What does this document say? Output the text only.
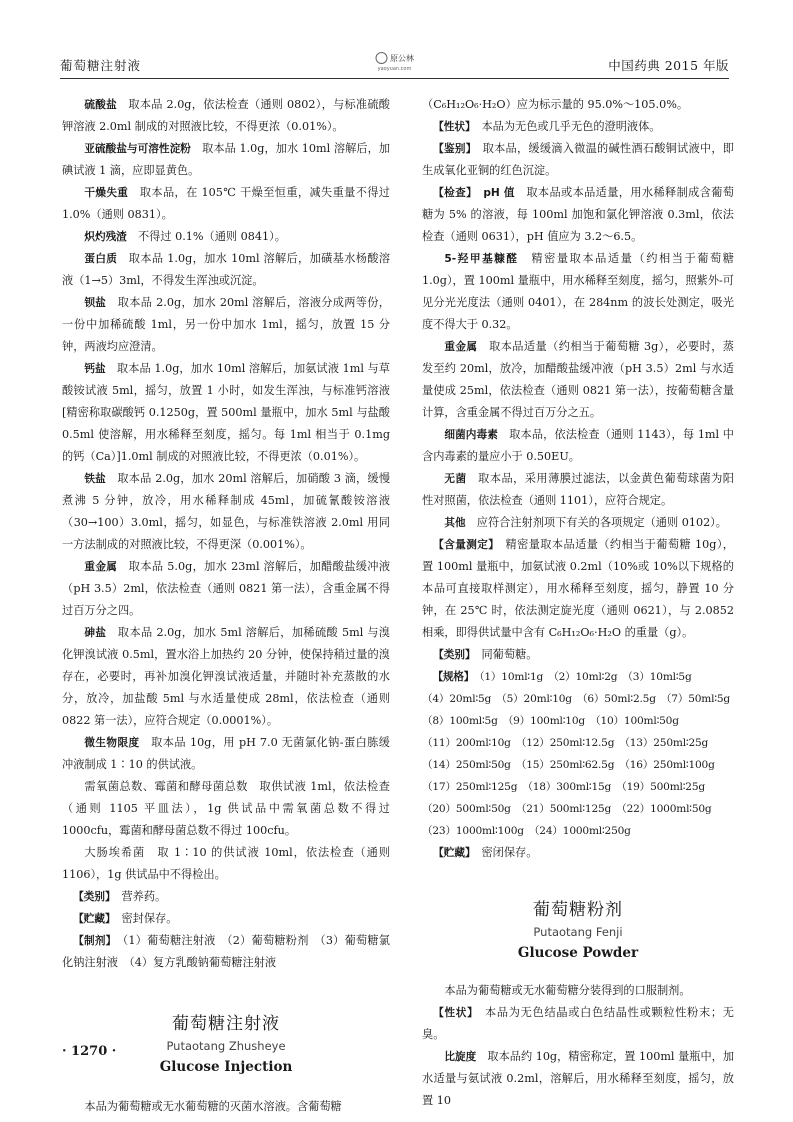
葡萄糖注射液	原公林
yaoyuan.com	中国药典 2015 年版

硫酸盐　 取本品 2.0g，依法检查（通则 0802），与标准硫酸钾溶液 2.0ml 制成的对照液比较，不得更浓（0.01%）。

亚硫酸盐与可溶性淀粉　 取本品 1.0g，加水 10ml 溶解后，加碘试液 1 滴，应即显黄色。

干燥失重　 取本品，在 105℃ 干燥至恒重，减失重量不得过 1.0%（通则 0831）。

炽灼残渣　 不得过 0.1%（通则 0841）。

蛋白质　 取本品 1.0g，加水 10ml 溶解后，加磺基水杨酸溶液（1→5）3ml，不得发生浑浊或沉淀。

钡盐　 取本品 2.0g，加水 20ml 溶解后，溶液分成两等份，一份中加稀硫酸 1ml，另一份中加水 1ml，摇匀，放置 15 分钟，两液均应澄清。

钙盐　 取本品 1.0g，加水 10ml 溶解后，加氨试液 1ml 与草酸铵试液 5ml，摇匀，放置 1 小时，如发生浑浊，与标准钙溶液[精密称取碳酸钙 0.1250g，置 500ml 量瓶中，加水 5ml 与盐酸 0.5ml 使溶解，用水稀释至刻度，摇匀。每 1ml 相当于 0.1mg 的钙（Ca）]1.0ml 制成的对照液比较，不得更浓（0.01%）。

铁盐　 取本品 2.0g，加水 20ml 溶解后，加硝酸 3 滴，缓慢煮沸 5 分钟，放冷，用水稀释制成 45ml，加硫氰酸铵溶液（30→100）3.0ml，摇匀，如显色，与标准铁溶液 2.0ml 用同一方法制成的对照液比较，不得更深（0.001%）。

重金属　 取本品 5.0g，加水 23ml 溶解后，加醋酸盐缓冲液（pH 3.5）2ml，依法检查（通则 0821 第一法），含重金属不得过百万分之四。

砷盐　 取本品 2.0g，加水 5ml 溶解后，加稀硫酸 5ml 与溴化钾溴试液 0.5ml，置水浴上加热约 20 分钟，使保持稍过量的溴存在，必要时，再补加溴化钾溴试液适量，并随时补充蒸散的水分，放冷，加盐酸 5ml 与水适量使成 28ml，依法检查（通则 0822 第一法），应符合规定（0.0001%）。

微生物限度　 取本品 10g，用 pH 7.0 无菌氯化钠-蛋白胨缓冲液制成 1∶10 的供试液。

需氧菌总数、霉菌和酵母菌总数　取供试液 1ml，依法检查（通则 1105 平皿法），1g 供试品中需氧菌总数不得过 1000cfu，霉菌和酵母菌总数不得过 100cfu。

大肠埃希菌　取 1∶10 的供试液 10ml，依法检查（通则 1106），1g 供试品中不得检出。

【类别】　 营养药。

【贮藏】　 密封保存。

【制剂】　 （1）葡萄糖注射液　（2）葡萄糖粉剂　（3）葡萄糖氯化钠注射液　（4）复方乳酸钠葡萄糖注射液

葡萄糖注射液
Putaotang Zhusheye
Glucose Injection

本品为葡萄糖或无水葡萄糖的灭菌水溶液。含葡萄糖

（C₆H₁₂O₆·H₂O）应为标示量的 95.0%～105.0%。

【性状】　 本品为无色或几乎无色的澄明液体。

【鉴别】　 取本品，缓缓滴入微温的碱性酒石酸铜试液中，即生成氧化亚铜的红色沉淀。

【检查】　 pH 值　 取本品或本品适量，用水稀释制成含葡萄糖为 5% 的溶液，每 100ml 加饱和氯化钾溶液 0.3ml，依法检查（通则 0631），pH 值应为 3.2～6.5。

5-羟甲基糠醛　 精密量取本品适量（约相当于葡萄糖 1.0g），置 100ml 量瓶中，用水稀释至刻度，摇匀，照紫外-可见分光光度法（通则 0401），在 284nm 的波长处测定，吸光度不得大于 0.32。

重金属　 取本品适量（约相当于葡萄糖 3g），必要时，蒸发至约 20ml，放冷，加醋酸盐缓冲液（pH 3.5）2ml 与水适量使成 25ml，依法检查（通则 0821 第一法），按葡萄糖含量计算，含重金属不得过百万分之五。

细菌内毒素　 取本品，依法检查（通则 1143），每 1ml 中含内毒素的量应小于 0.50EU。

无菌　 取本品，采用薄膜过滤法，以金黄色葡萄球菌为阳性对照菌，依法检查（通则 1101），应符合规定。

其他　 应符合注射剂项下有关的各项规定（通则 0102）。

【含量测定】　 精密量取本品适量（约相当于葡萄糖 10g），置 100ml 量瓶中，加氨试液 0.2ml（10%或 10%以下规格的本品可直接取样测定），用水稀释至刻度，摇匀，静置 10 分钟，在 25℃ 时，依法测定旋光度（通则 0621），与 2.0852 相乘，即得供试量中含有 C₆H₁₂O₆·H₂O 的重量（g）。

【类别】　 同葡萄糖。

【规格】　 （1）10ml∶1g　（2）10ml∶2g　（3）10ml∶5g

（4）20ml∶5g　（5）20ml∶10g　（6）50ml∶2.5g　（7）50ml∶5g

（8）100ml∶5g　（9）100ml∶10g　（10）100ml∶50g

（11）200ml∶10g　（12）250ml∶12.5g　（13）250ml∶25g

（14）250ml∶50g　（15）250ml∶62.5g　（16）250ml∶100g

（17）250ml∶125g　（18）300ml∶15g　（19）500ml∶25g

（20）500ml∶50g　（21）500ml∶125g　（22）1000ml∶50g

（23）1000ml∶100g　（24）1000ml∶250g

【贮藏】　 密闭保存。

葡萄糖粉剂
Putaotang Fenji
Glucose Powder

本品为葡萄糖或无水葡萄糖分装得到的口服制剂。

【性状】　 本品为无色结晶或白色结晶性或颗粒性粉末；无臭。

比旋度　 取本品约 10g，精密称定，置 100ml 量瓶中，加水适量与氨试液 0.2ml，溶解后，用水稀释至刻度，摇匀，放置 10

· 1270 ·
